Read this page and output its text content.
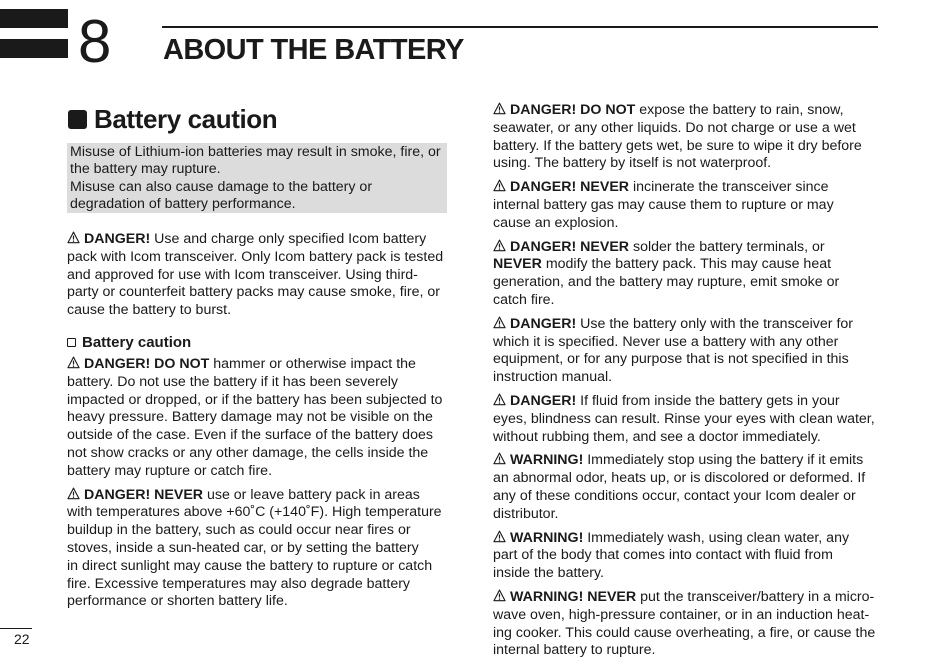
8 ABOUT THE BATTERY
Battery caution
Misuse of Lithium-ion batteries may result in smoke, fire, or
the battery may rupture.
Misuse can also cause damage to the battery or
degradation of battery performance.
DANGER! Use and charge only specified Icom battery
pack with Icom transceiver. Only Icom battery pack is tested
and approved for use with Icom transceiver. Using third-
party or counterfeit battery packs may cause smoke, fire, or
cause the battery to burst.
Battery caution
DANGER! DO NOT hammer or otherwise impact the
battery. Do not use the battery if it has been severely
impacted or dropped, or if the battery has been subjected to
heavy pressure. Battery damage may not be visible on the
outside of the case. Even if the surface of the battery does
not show cracks or any other damage, the cells inside the
battery may rupture or catch fire.
DANGER! NEVER use or leave battery pack in areas
with temperatures above +60˚C (+140˚F). High temperature
buildup in the battery, such as could occur near fires or
stoves, inside a sun-heated car, or by setting the battery
in direct sunlight may cause the battery to rupture or catch
fire. Excessive temperatures may also degrade battery
performance or shorten battery life.
DANGER! DO NOT expose the battery to rain, snow,
seawater, or any other liquids. Do not charge or use a wet
battery. If the battery gets wet, be sure to wipe it dry before
using. The battery by itself is not waterproof.
DANGER! NEVER incinerate the transceiver since
internal battery gas may cause them to rupture or may
cause an explosion.
DANGER! NEVER solder the battery terminals, or
NEVER modify the battery pack. This may cause heat
generation, and the battery may rupture, emit smoke or
catch fire.
DANGER! Use the battery only with the transceiver for
which it is specified. Never use a battery with any other
equipment, or for any purpose that is not specified in this
instruction manual.
DANGER! If fluid from inside the battery gets in your
eyes, blindness can result. Rinse your eyes with clean water,
without rubbing them, and see a doctor immediately.
WARNING! Immediately stop using the battery if it emits
an abnormal odor, heats up, or is discolored or deformed. If
any of these conditions occur, contact your Icom dealer or
distributor.
WARNING! Immediately wash, using clean water, any
part of the body that comes into contact with fluid from
inside the battery.
WARNING! NEVER put the transceiver/battery in a micro-
wave oven, high-pressure container, or in an induction heat-
ing cooker. This could cause overheating, a fire, or cause the
internal battery to rupture.
22
